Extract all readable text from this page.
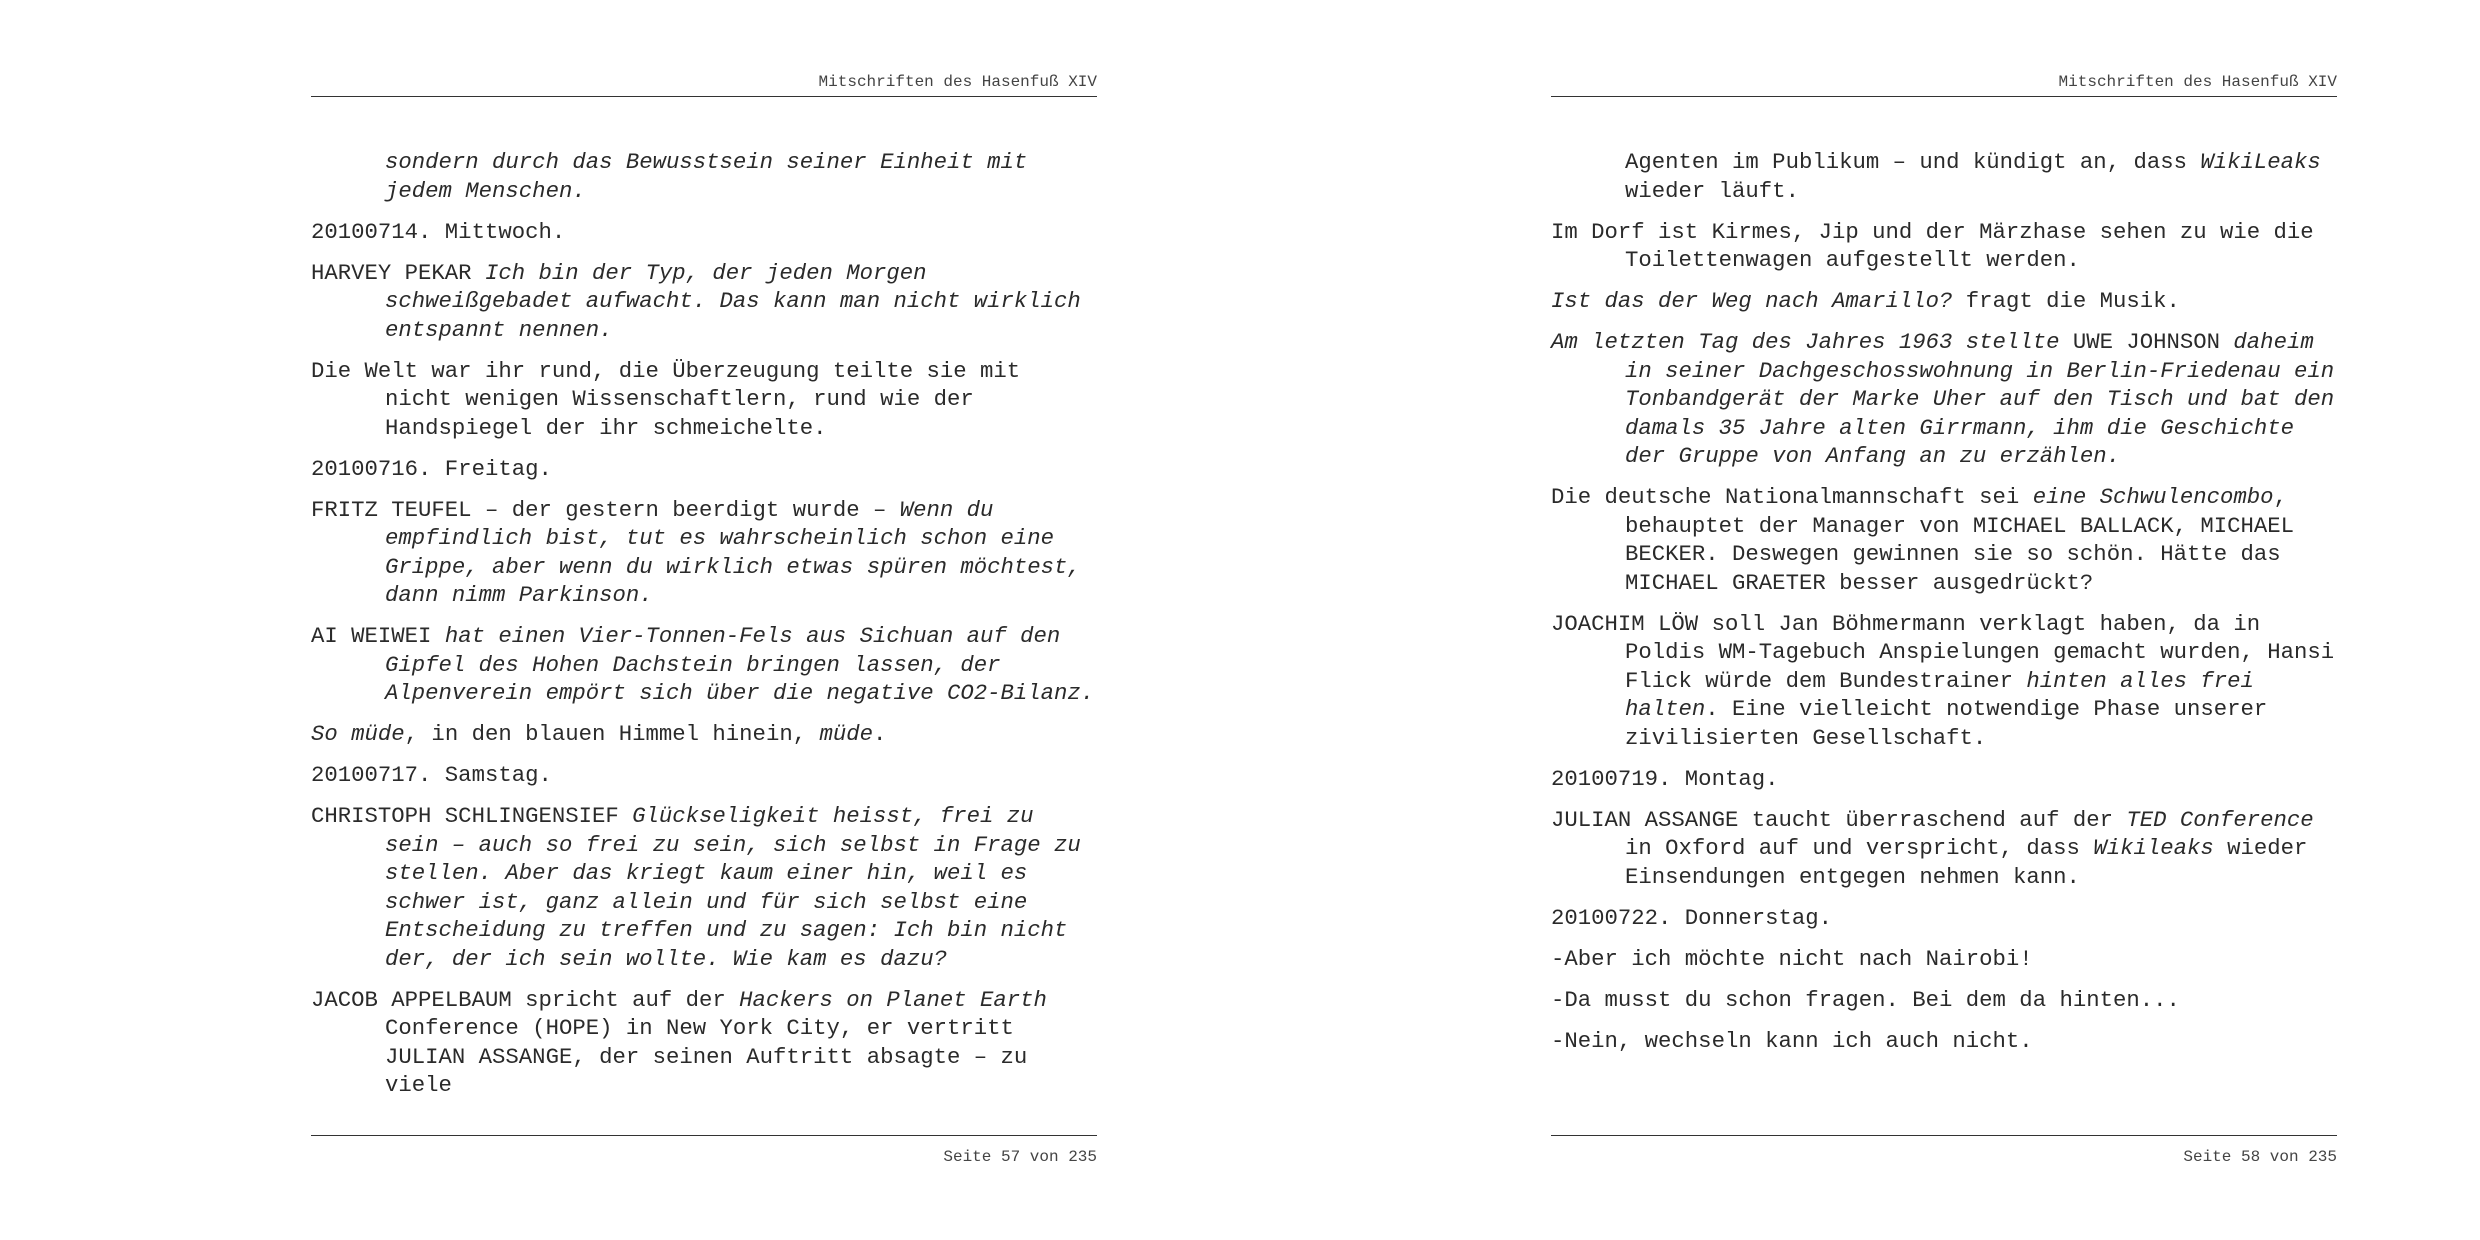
Mitschriften des Hasenfuß XIV

sondern durch das Bewusstsein seiner Einheit mit jedem Menschen.

20100714. Mittwoch.

HARVEY PEKAR Ich bin der Typ, der jeden Morgen schweißgebadet aufwacht. Das kann man nicht wirklich entspannt nennen.

Die Welt war ihr rund, die Überzeugung teilte sie mit nicht wenigen Wissenschaftlern, rund wie der Handspiegel der ihr schmeichelte.

20100716. Freitag.

FRITZ TEUFEL – der gestern beerdigt wurde – Wenn du empfindlich bist, tut es wahrscheinlich schon eine Grippe, aber wenn du wirklich etwas spüren möchtest, dann nimm Parkinson.

AI WEIWEI hat einen Vier-Tonnen-Fels aus Sichuan auf den Gipfel des Hohen Dachstein bringen lassen, der Alpenverein empört sich über die negative CO2-Bilanz.

So müde, in den blauen Himmel hinein, müde.

20100717. Samstag.

CHRISTOPH SCHLINGENSIEF Glückseligkeit heisst, frei zu sein – auch so frei zu sein, sich selbst in Frage zu stellen. Aber das kriegt kaum einer hin, weil es schwer ist, ganz allein und für sich selbst eine Entscheidung zu treffen und zu sagen: Ich bin nicht der, der ich sein wollte. Wie kam es dazu?

JACOB APPELBAUM spricht auf der Hackers on Planet Earth Conference (HOPE) in New York City, er vertritt JULIAN ASSANGE, der seinen Auftritt absagte – zu viele

Seite 57 von 235
Mitschriften des Hasenfuß XIV

Agenten im Publikum – und kündigt an, dass WikiLeaks wieder läuft.

Im Dorf ist Kirmes, Jip und der Märzhase sehen zu wie die Toilettenwagen aufgestellt werden.

Ist das der Weg nach Amarillo? fragt die Musik.

Am letzten Tag des Jahres 1963 stellte UWE JOHNSON daheim in seiner Dachgeschosswohnung in Berlin-Friedenau ein Tonbandgerät der Marke Uher auf den Tisch und bat den damals 35 Jahre alten Girrmann, ihm die Geschichte der Gruppe von Anfang an zu erzählen.

Die deutsche Nationalmannschaft sei eine Schwulencombo, behauptet der Manager von MICHAEL BALLACK, MICHAEL BECKER. Deswegen gewinnen sie so schön. Hätte das MICHAEL GRAETER besser ausgedrückt?

JOACHIM LÖW soll Jan Böhmermann verklagt haben, da in Poldis WM-Tagebuch Anspielungen gemacht wurden, Hansi Flick würde dem Bundestrainer hinten alles frei halten. Eine vielleicht notwendige Phase unserer zivilisierten Gesellschaft.

20100719. Montag.

JULIAN ASSANGE taucht überraschend auf der TED Conference in Oxford auf und verspricht, dass Wikileaks wieder Einsendungen entgegen nehmen kann.

20100722. Donnerstag.

-Aber ich möchte nicht nach Nairobi!

-Da musst du schon fragen. Bei dem da hinten...

-Nein, wechseln kann ich auch nicht.

Seite 58 von 235
